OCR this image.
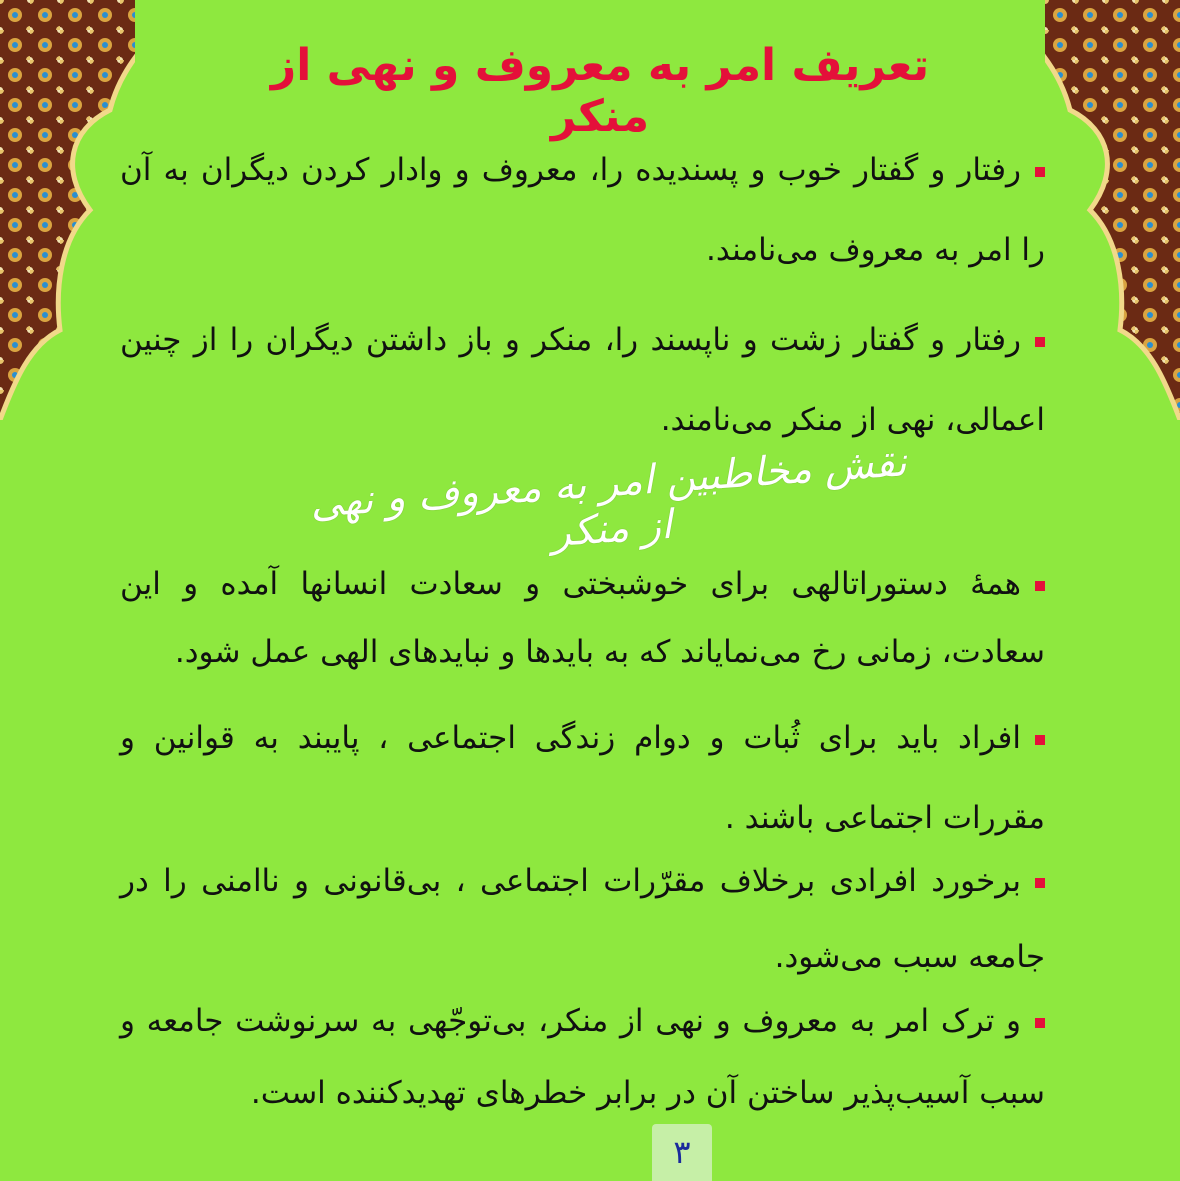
تعریف امر به معروف و نهی از منکر
رفتار و گفتار خوب و پسندیده را، معروف و وادار کردن دیگران به آن را امر به معروف می‌نامند.
رفتار و گفتار زشت و ناپسند را، منکر و باز داشتن دیگران را از چنین اعمالی، نهی از منکر می‌نامند.
نقش مخاطبین امر به معروف و نهی از منکر
همۀ دستوراتالهی برای خوشبختی و سعادت انسانها آمده و این سعادت، زمانی رخ می‌نمایاند که به بایدها و نبایدهای الهی عمل شود.
افراد باید برای ثُبات و دوام زندگی اجتماعی ، پایبند به قوانین و مقررات اجتماعی باشند .
برخورد افرادی برخلاف مقرّرات اجتماعی ، بی‌قانونی و ناامنی را در جامعه سبب می‌شود.
و ترک امر به معروف و نهی از منکر، بی‌توجّهی به سرنوشت جامعه و سبب آسیب‌پذیر ساختن آن در برابر خطرهای تهدیدکننده است.
۳
